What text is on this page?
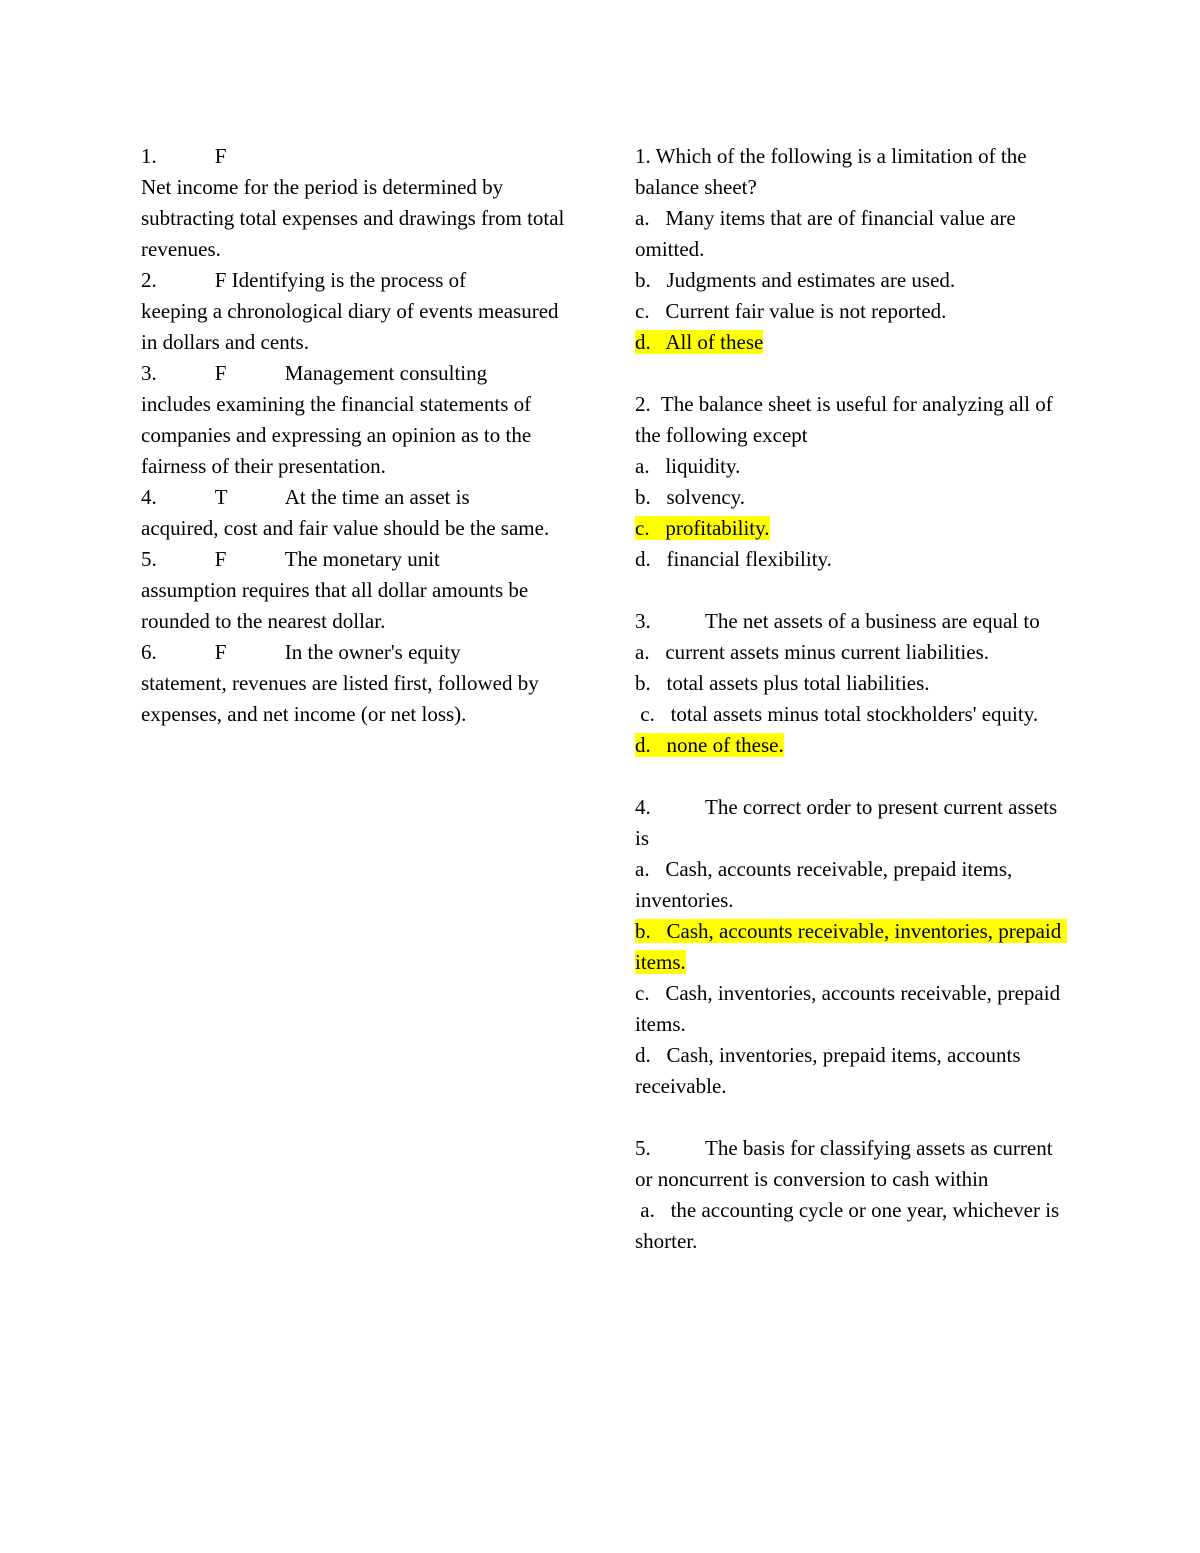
1.	F

Net income for the period is determined by subtracting total expenses and drawings from total revenues.

2.	F Identifying is the process of

keeping a chronological diary of events measured in dollars and cents.

3.	F	Management consulting

includes examining the financial statements of companies and expressing an opinion as to the fairness of their presentation.

4.	T	At the time an asset is

acquired, cost and fair value should be the same.

5.	F	The monetary unit

assumption requires that all dollar amounts be rounded to the nearest dollar.

6.	F	In the owner's equity

statement, revenues are listed first, followed by expenses, and net income (or net loss).

1. Which of the following is a limitation of the balance sheet?

a.   Many items that are of financial value are omitted.

b.   Judgments and estimates are used.

c.   Current fair value is not reported.

d.   All of these

2.  The balance sheet is useful for analyzing all of the following except

a.   liquidity.

b.   solvency.

c.   profitability.

d.   financial flexibility.

3.	The net assets of a business are equal to

a.   current assets minus current liabilities.

b.   total assets plus total liabilities.

c.   total assets minus total stockholders' equity.

d.   none of these.

4.	The correct order to present current assets is

a.   Cash, accounts receivable, prepaid items, inventories.

b.   Cash, accounts receivable, inventories, prepaid items.

c.   Cash, inventories, accounts receivable, prepaid items.

d.   Cash, inventories, prepaid items, accounts receivable.

5.	The basis for classifying assets as current or noncurrent is conversion to cash within

a.   the accounting cycle or one year, whichever is shorter.
